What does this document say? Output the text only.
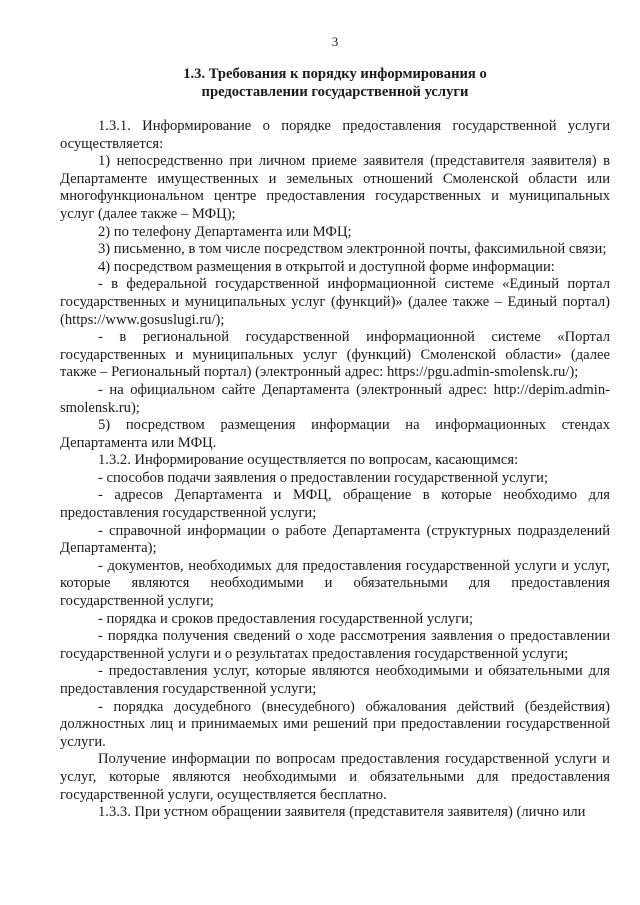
3
1.3. Требования к порядку информирования о
предоставлении государственной услуги

1.3.1. Информирование о порядке предоставления государственной услуги осуществляется:

1) непосредственно при личном приеме заявителя (представителя заявителя) в Департаменте имущественных и земельных отношений Смоленской области или многофункциональном центре предоставления государственных и муниципальных услуг (далее также – МФЦ);

2) по телефону Департамента или МФЦ;

3) письменно, в том числе посредством электронной почты, факсимильной связи;

4) посредством размещения в открытой и доступной форме информации:

- в федеральной государственной информационной системе «Единый портал государственных и муниципальных услуг (функций)» (далее также – Единый портал) (https://www.gosuslugi.ru/);

- в региональной государственной информационной системе «Портал государственных и муниципальных услуг (функций) Смоленской области» (далее также – Региональный портал) (электронный адрес: https://pgu.admin-smolensk.ru/);

- на официальном сайте Департамента (электронный адрес: http://depim.admin-smolensk.ru);

5) посредством размещения информации на информационных стендах Департамента или МФЦ.

1.3.2. Информирование осуществляется по вопросам, касающимся:

- способов подачи заявления о предоставлении государственной услуги;

- адресов Департамента и МФЦ, обращение в которые необходимо для предоставления государственной услуги;

- справочной информации о работе Департамента (структурных подразделений Департамента);

- документов, необходимых для предоставления государственной услуги и услуг, которые являются необходимыми и обязательными для предоставления государственной услуги;

- порядка и сроков предоставления государственной услуги;

- порядка получения сведений о ходе рассмотрения заявления о предоставлении государственной услуги и о результатах предоставления государственной услуги;

- предоставления услуг, которые являются необходимыми и обязательными для предоставления государственной услуги;

- порядка досудебного (внесудебного) обжалования действий (бездействия) должностных лиц и принимаемых ими решений при предоставлении государственной услуги.

Получение информации по вопросам предоставления государственной услуги и услуг, которые являются необходимыми и обязательными для предоставления государственной услуги, осуществляется бесплатно.

1.3.3. При устном обращении заявителя (представителя заявителя) (лично или
